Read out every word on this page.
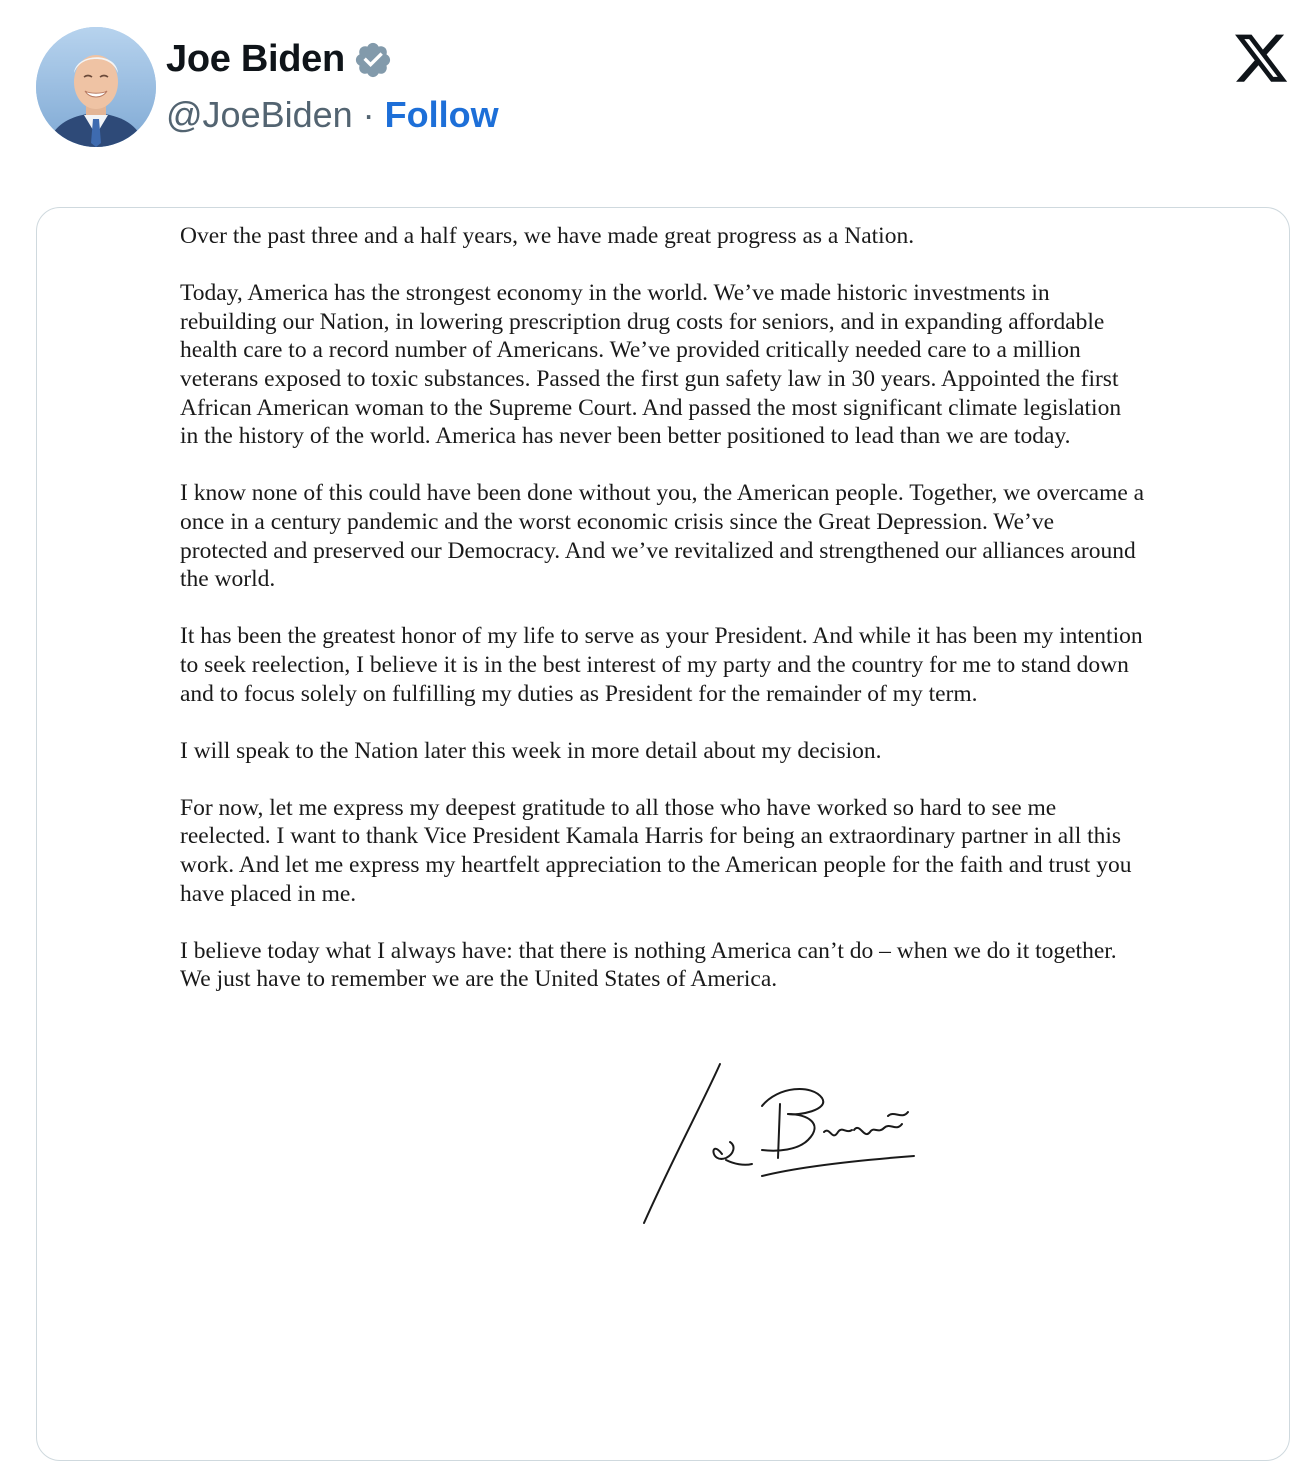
Joe Biden
@JoeBiden · Follow

Over the past three and a half years, we have made great progress as a Nation.

Today, America has the strongest economy in the world. We’ve made historic investments in rebuilding our Nation, in lowering prescription drug costs for seniors, and in expanding affordable health care to a record number of Americans. We’ve provided critically needed care to a million veterans exposed to toxic substances. Passed the first gun safety law in 30 years. Appointed the first African American woman to the Supreme Court. And passed the most significant climate legislation in the history of the world. America has never been better positioned to lead than we are today.

I know none of this could have been done without you, the American people. Together, we overcame a once in a century pandemic and the worst economic crisis since the Great Depression. We’ve protected and preserved our Democracy. And we’ve revitalized and strengthened our alliances around the world.

It has been the greatest honor of my life to serve as your President. And while it has been my intention to seek reelection, I believe it is in the best interest of my party and the country for me to stand down and to focus solely on fulfilling my duties as President for the remainder of my term.

I will speak to the Nation later this week in more detail about my decision.

For now, let me express my deepest gratitude to all those who have worked so hard to see me reelected. I want to thank Vice President Kamala Harris for being an extraordinary partner in all this work. And let me express my heartfelt appreciation to the American people for the faith and trust you have placed in me.

I believe today what I always have: that there is nothing America can’t do – when we do it together. We just have to remember we are the United States of America.
